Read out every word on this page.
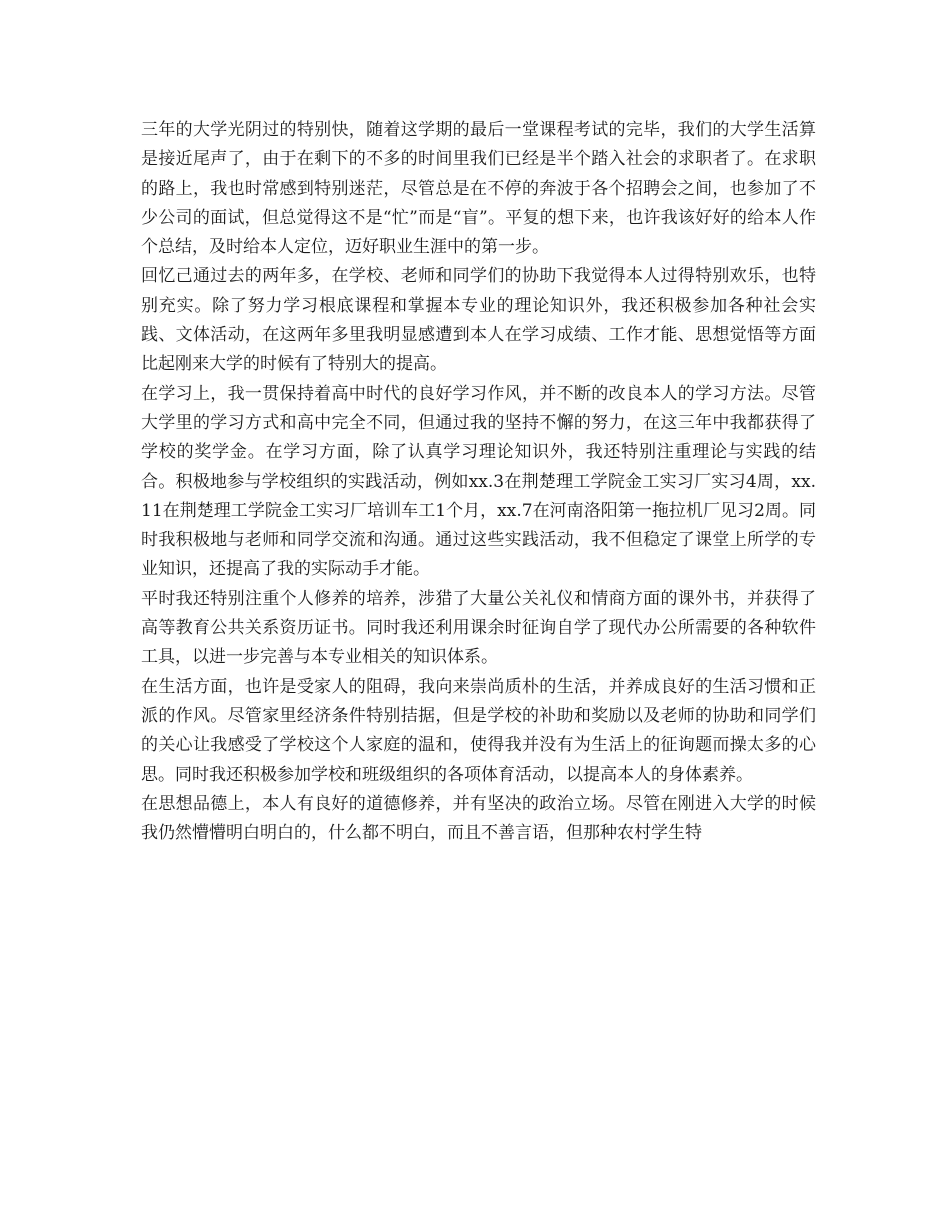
三年的大学光阴过的特别快，随着这学期的最后一堂课程考试的完毕，我们的大学生活算是接近尾声了，由于在剩下的不多的时间里我们已经是半个踏入社会的求职者了。在求职的路上，我也时常感到特别迷茫，尽管总是在不停的奔波于各个招聘会之间，也参加了不少公司的面试，但总觉得这不是“忙”而是“盲”。平复的想下来，也许我该好好的给本人作个总结，及时给本人定位，迈好职业生涯中的第一步。

回忆己通过去的两年多，在学校、老师和同学们的协助下我觉得本人过得特别欢乐，也特别充实。除了努力学习根底课程和掌握本专业的理论知识外，我还积极参加各种社会实践、文体活动，在这两年多里我明显感遭到本人在学习成绩、工作才能、思想觉悟等方面比起刚来大学的时候有了特别大的提高。

在学习上，我一贯保持着高中时代的良好学习作风，并不断的改良本人的学习方法。尽管大学里的学习方式和高中完全不同，但通过我的坚持不懈的努力，在这三年中我都获得了学校的奖学金。在学习方面，除了认真学习理论知识外，我还特别注重理论与实践的结合。积极地参与学校组织的实践活动，例如xx.3在荆楚理工学院金工实习厂实习4周，xx.11在荆楚理工学院金工实习厂培训车工1个月，xx.7在河南洛阳第一拖拉机厂见习2周。同时我积极地与老师和同学交流和沟通。通过这些实践活动，我不但稳定了课堂上所学的专业知识，还提高了我的实际动手才能。

平时我还特别注重个人修养的培养，涉猎了大量公关礼仪和情商方面的课外书，并获得了高等教育公共关系资历证书。同时我还利用课余时征询自学了现代办公所需要的各种软件工具，以进一步完善与本专业相关的知识体系。

在生活方面，也许是受家人的阻碍，我向来崇尚质朴的生活，并养成良好的生活习惯和正派的作风。尽管家里经济条件特别拮据，但是学校的补助和奖励以及老师的协助和同学们的关心让我感受了学校这个人家庭的温和，使得我并没有为生活上的征询题而操太多的心思。同时我还积极参加学校和班级组织的各项体育活动，以提高本人的身体素养。

在思想品德上，本人有良好的道德修养，并有坚决的政治立场。尽管在刚进入大学的时候我仍然懵懵明白明白的，什么都不明白，而且不善言语，但那种农村学生特
